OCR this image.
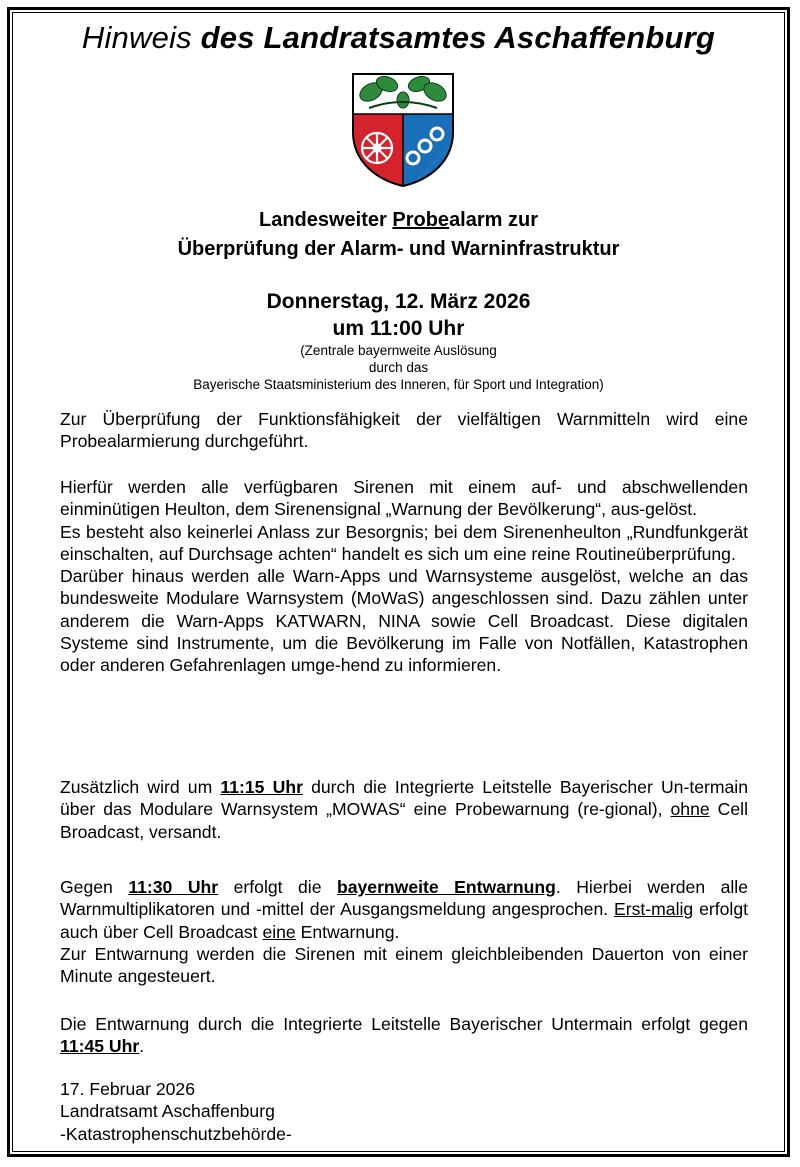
Hinweis des Landratsamtes Aschaffenburg
Landesweiter Probealarm zur
Überprüfung der Alarm- und Warninfrastruktur
Donnerstag, 12. März 2026
um 11:00 Uhr
(Zentrale bayernweite Auslösung
durch das
Bayerische Staatsministerium des Inneren, für Sport und Integration)

Zur Überprüfung der Funktionsfähigkeit der vielfältigen Warnmitteln wird eine Probealarmierung durchgeführt.

Hierfür werden alle verfügbaren Sirenen mit einem auf- und abschwellenden einminütigen Heulton, dem Sirenensignal „Warnung der Bevölkerung“, aus-gelöst.

Es besteht also keinerlei Anlass zur Besorgnis; bei dem Sirenenheulton „Rundfunkgerät einschalten, auf Durchsage achten“ handelt es sich um eine reine Routineüberprüfung.

Darüber hinaus werden alle Warn-Apps und Warnsysteme ausgelöst, welche an das bundesweite Modulare Warnsystem (MoWaS) angeschlossen sind. Dazu zählen unter anderem die Warn-Apps KATWARN, NINA sowie Cell Broadcast. Diese digitalen Systeme sind Instrumente, um die Bevölkerung im Falle von Notfällen, Katastrophen oder anderen Gefahrenlagen umge-hend zu informieren.

Zusätzlich wird um 11:15 Uhr durch die Integrierte Leitstelle Bayerischer Un-termain über das Modulare Warnsystem „MOWAS“ eine Probewarnung (re-gional), ohne Cell Broadcast, versandt.

Gegen 11:30 Uhr erfolgt die bayernweite Entwarnung. Hierbei werden alle Warnmultiplikatoren und -mittel der Ausgangsmeldung angesprochen. Erst-malig erfolgt auch über Cell Broadcast eine Entwarnung.

Zur Entwarnung werden die Sirenen mit einem gleichbleibenden Dauerton von einer Minute angesteuert.

Die Entwarnung durch die Integrierte Leitstelle Bayerischer Untermain erfolgt gegen 11:45 Uhr.

17. Februar 2026
Landratsamt Aschaffenburg
-Katastrophenschutzbehörde-
